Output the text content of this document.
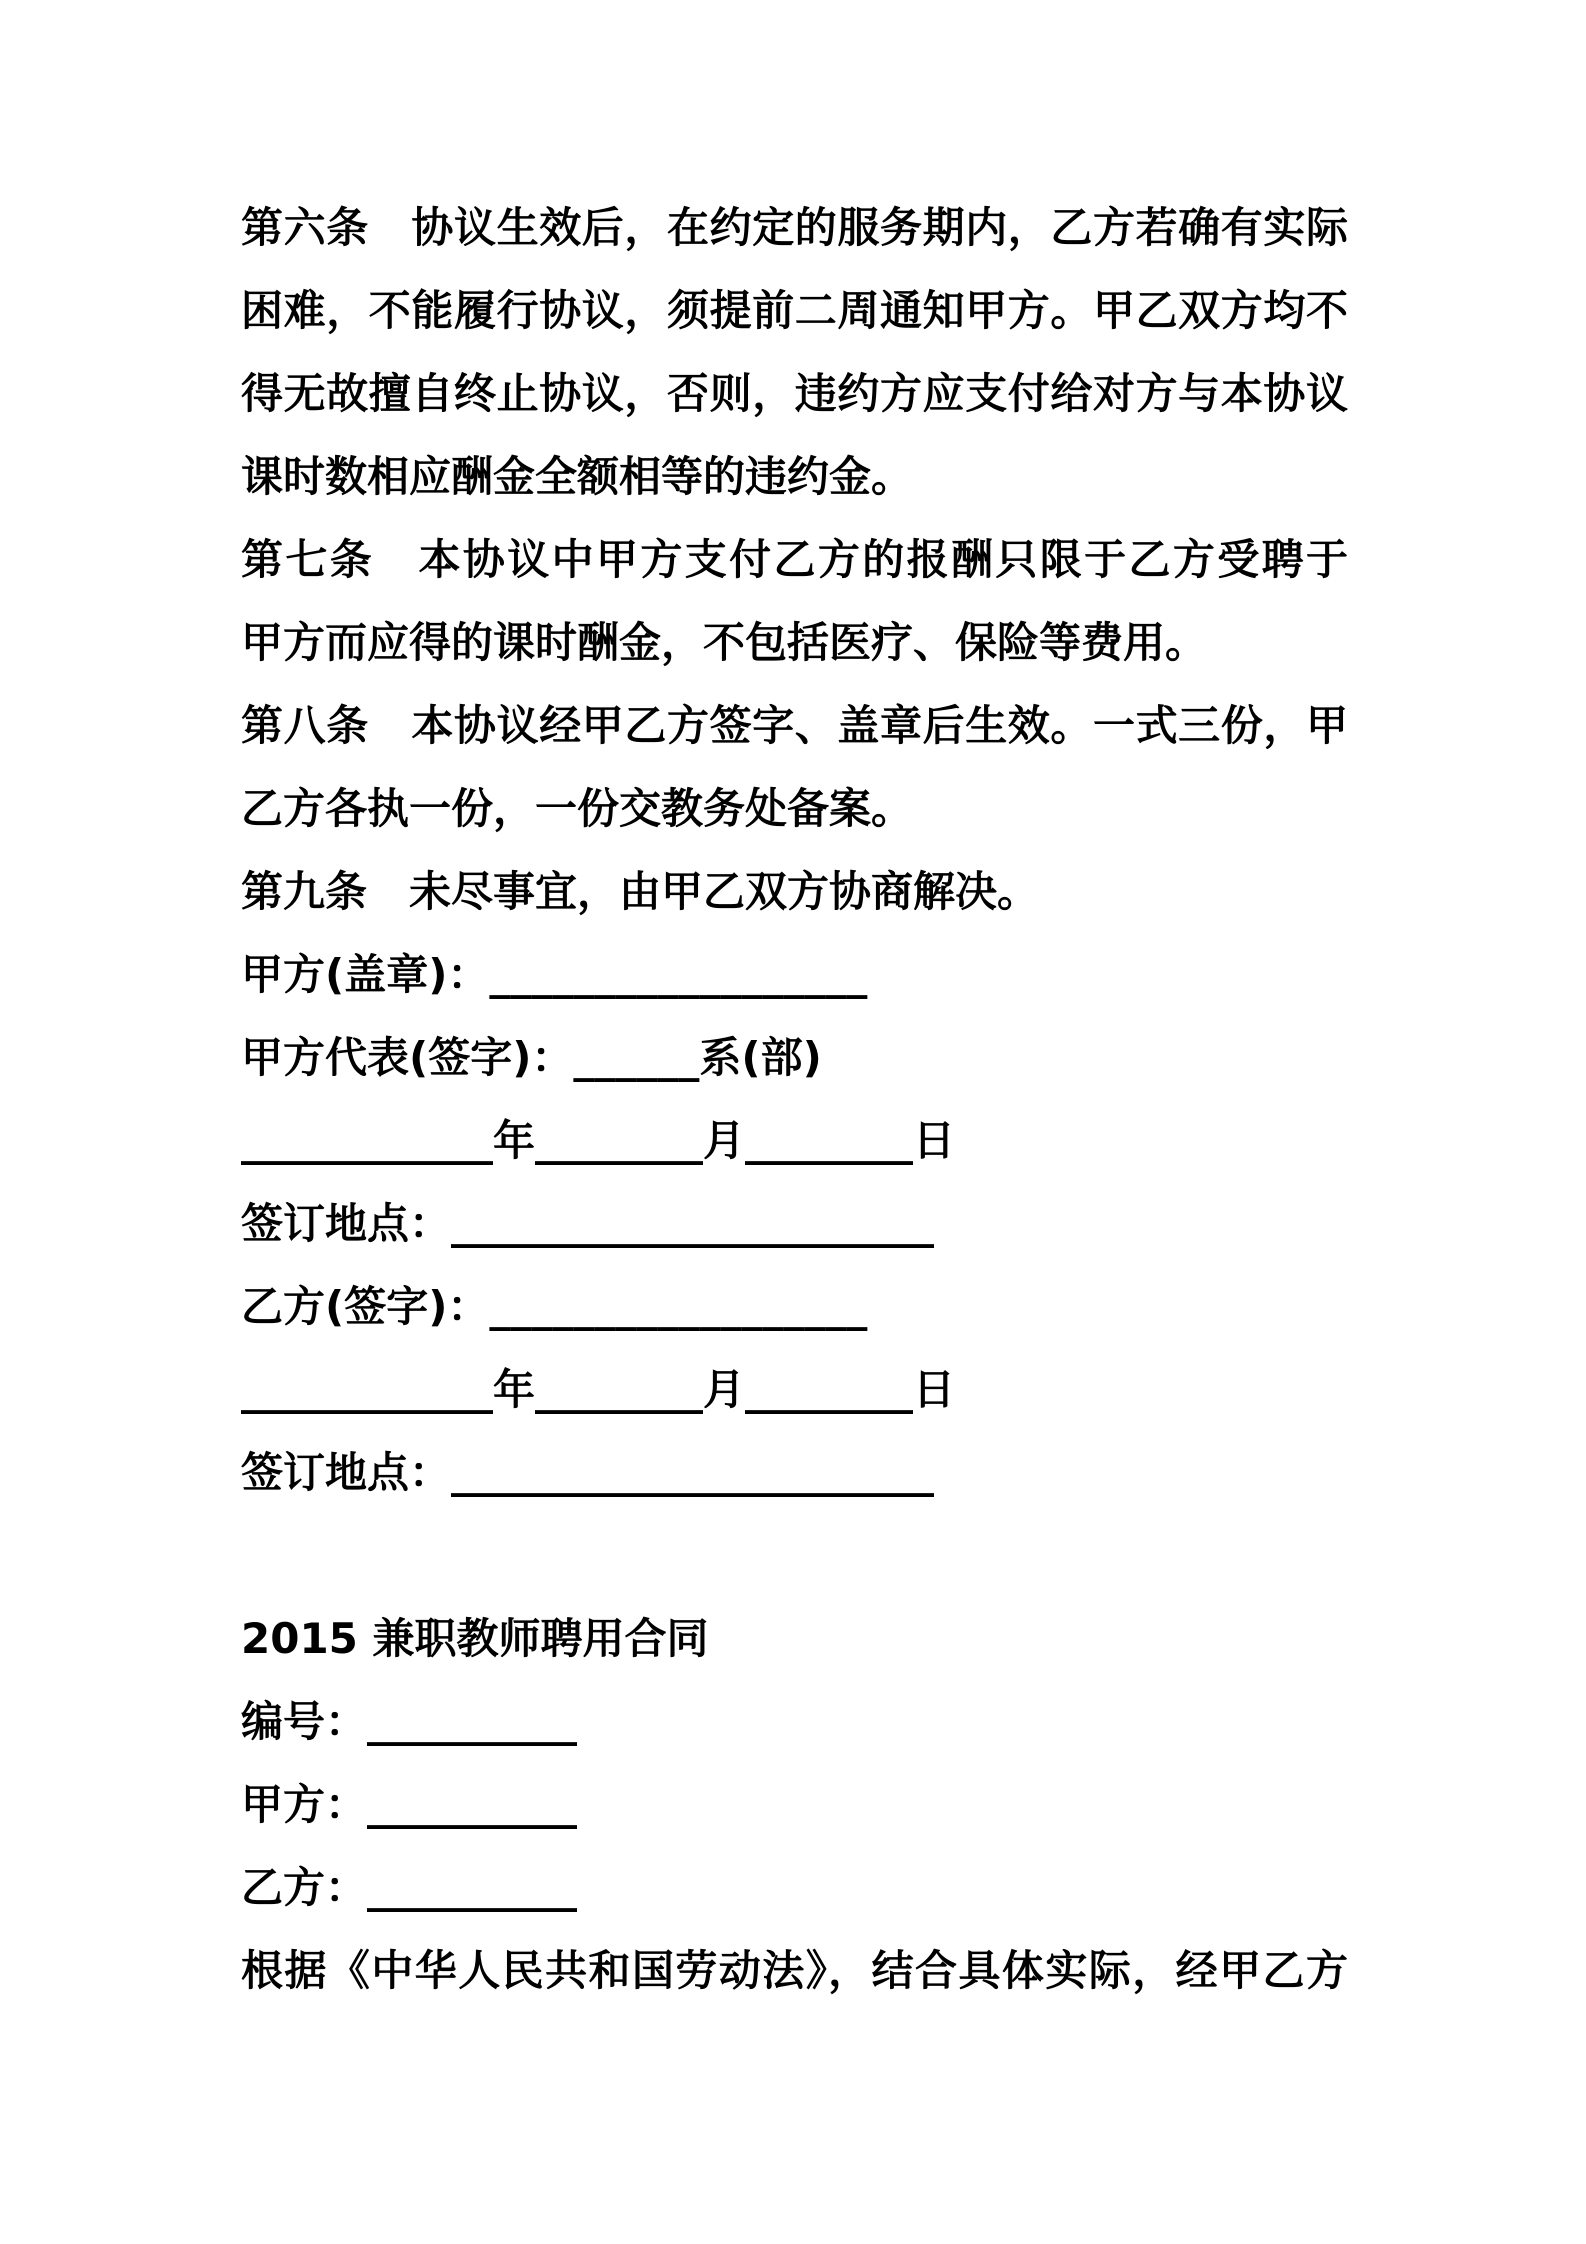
第六条　协议生效后，在约定的服务期内，乙方若确有实际
困难，不能履行协议，须提前二周通知甲方。甲乙双方均不
得无故擅自终止协议，否则，违约方应支付给对方与本协议
课时数相应酬金全额相等的违约金。
第七条　本协议中甲方支付乙方的报酬只限于乙方受聘于
甲方而应得的课时酬金，不包括医疗、保险等费用。
第八条　本协议经甲乙方签字、盖章后生效。一式三份，甲
乙方各执一份，一份交教务处备案。
第九条　未尽事宜，由甲乙双方协商解决。
甲方(盖章)：__________________
甲方代表(签字)：______系(部)
____________年________月________日
签订地点：_______________________
乙方(签字)：__________________
____________年________月________日
签订地点：_______________________
2015 兼职教师聘用合同
编号：__________
甲方：__________
乙方：__________
根据《中华人民共和国劳动法》，结合具体实际，经甲乙方
